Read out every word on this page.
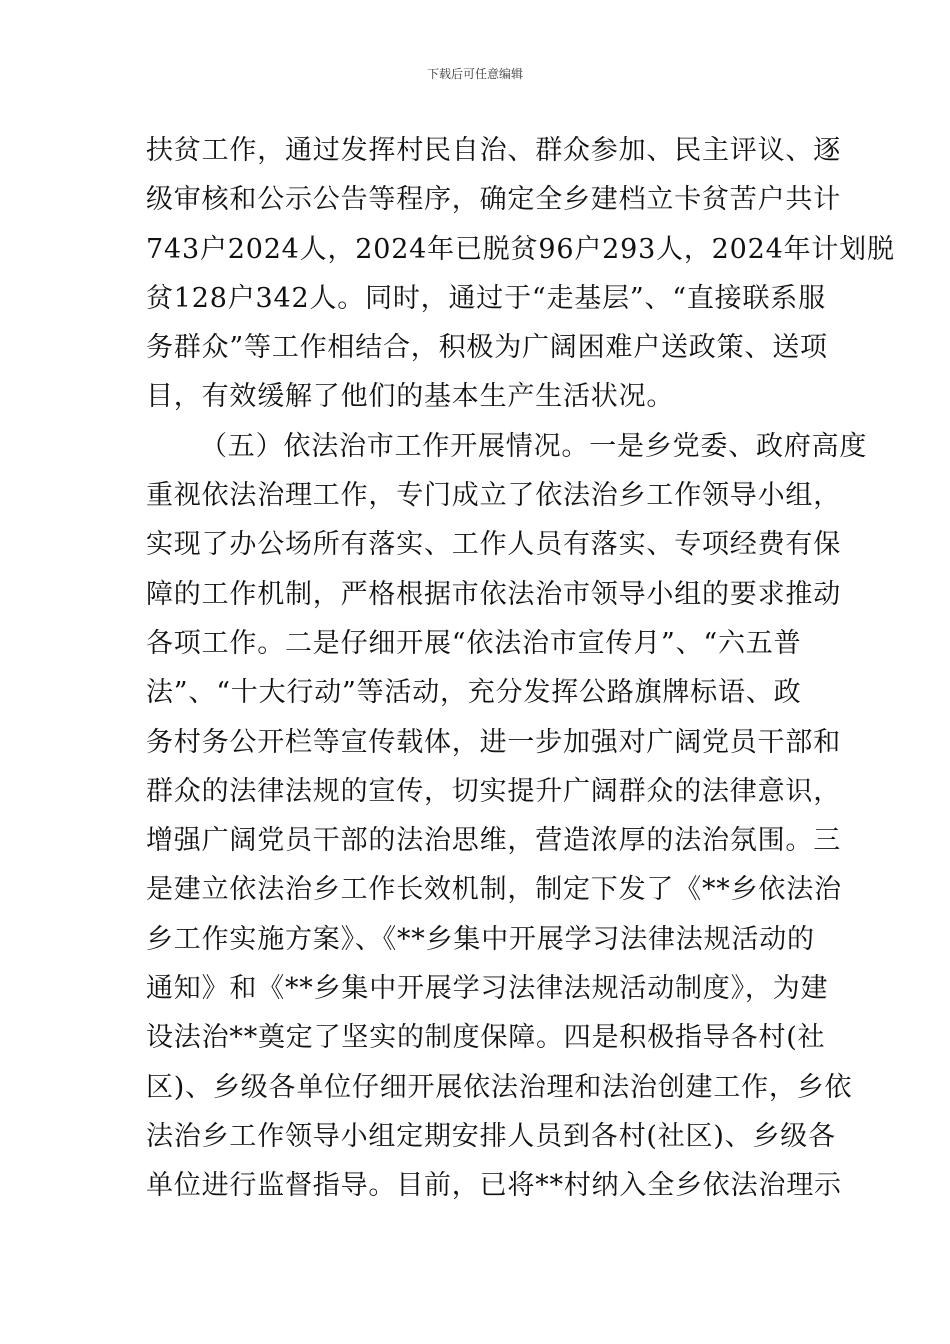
下载后可任意编辑
扶贫工作，通过发挥村民自治、群众参加、民主评议、逐
级审核和公示公告等程序，确定全乡建档立卡贫苦户共计
743户2024人，2024年已脱贫96户293人，2024年计划脱
贫128户342人。同时，通过于“走基层”、“直接联系服
务群众”等工作相结合，积极为广阔困难户送政策、送项
目，有效缓解了他们的基本生产生活状况。
（五）依法治市工作开展情况。一是乡党委、政府高度
重视依法治理工作，专门成立了依法治乡工作领导小组，
实现了办公场所有落实、工作人员有落实、专项经费有保
障的工作机制，严格根据市依法治市领导小组的要求推动
各项工作。二是仔细开展“依法治市宣传月”、“六五普
法”、“十大行动”等活动，充分发挥公路旗牌标语、政
务村务公开栏等宣传载体，进一步加强对广阔党员干部和
群众的法律法规的宣传，切实提升广阔群众的法律意识，
增强广阔党员干部的法治思维，营造浓厚的法治氛围。三
是建立依法治乡工作长效机制，制定下发了《**乡依法治
乡工作实施方案》、《**乡集中开展学习法律法规活动的
通知》和《**乡集中开展学习法律法规活动制度》，为建
设法治**奠定了坚实的制度保障。四是积极指导各村(社
区)、乡级各单位仔细开展依法治理和法治创建工作，乡依
法治乡工作领导小组定期安排人员到各村(社区)、乡级各
单位进行监督指导。目前，已将**村纳入全乡依法治理示
